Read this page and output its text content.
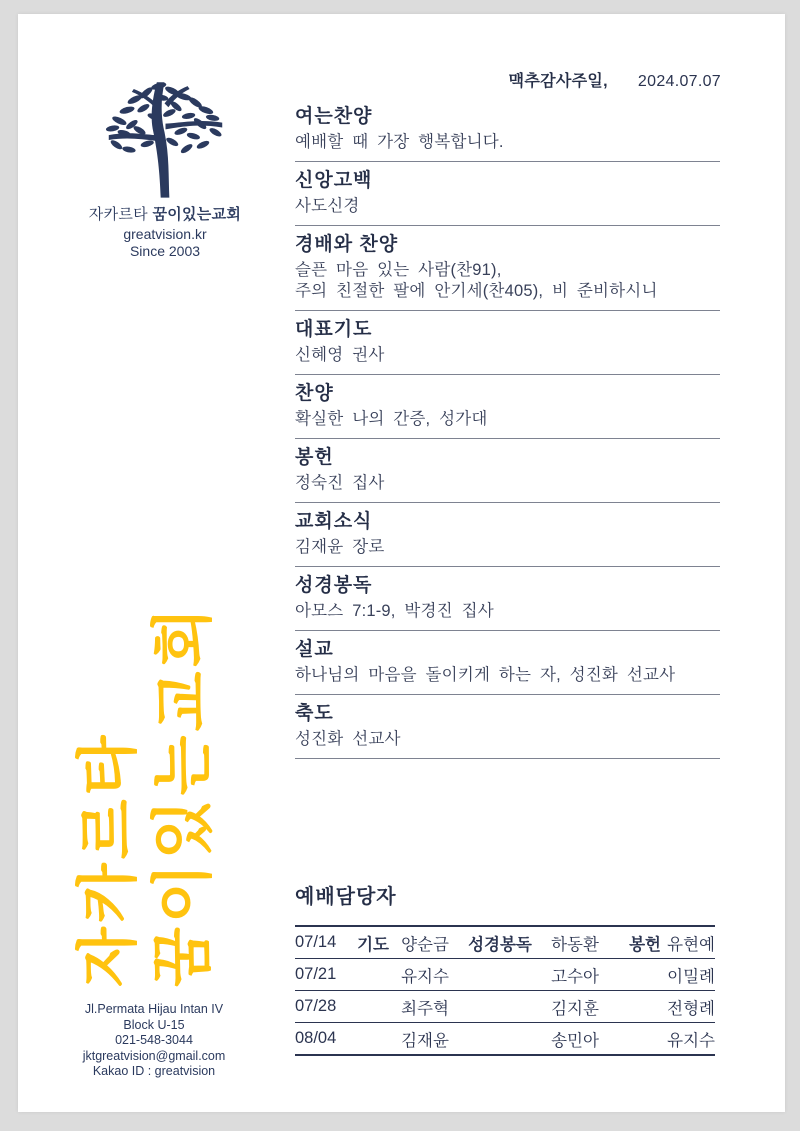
맥추감사주일, 2024.07.07
자카르타 꿈이있는교회
greatvision.kr
Since 2003
여는찬양

예배할 때 가장 행복합니다.

신앙고백

사도신경

경배와 찬양

슬픈 마음 있는 사람(찬91),

주의 친절한 팔에 안기세(찬405), 비 준비하시니

대표기도

신혜영 권사

찬양

확실한 나의 간증, 성가대

봉헌

정숙진 집사

교회소식

김재윤 장로

성경봉독

아모스 7:1-9, 박경진 집사

설교

하나님의 마음을 돌이키게 하는 자, 성진화 선교사

축도

성진화 선교사

자카르타 꿈이있는교회
Jl.Permata Hijau Intan IV
Block U-15
021-548-3044
jktgreatvision@gmail.com
Kakao ID : greatvision
예배담당자
07/14	기도 양순금	성경봉독	하동환	봉헌 유현예
07/21	유지수	고수아	이밀례
07/28	최주혁	김지훈	전형례
08/04	김재윤	송민아	유지수
